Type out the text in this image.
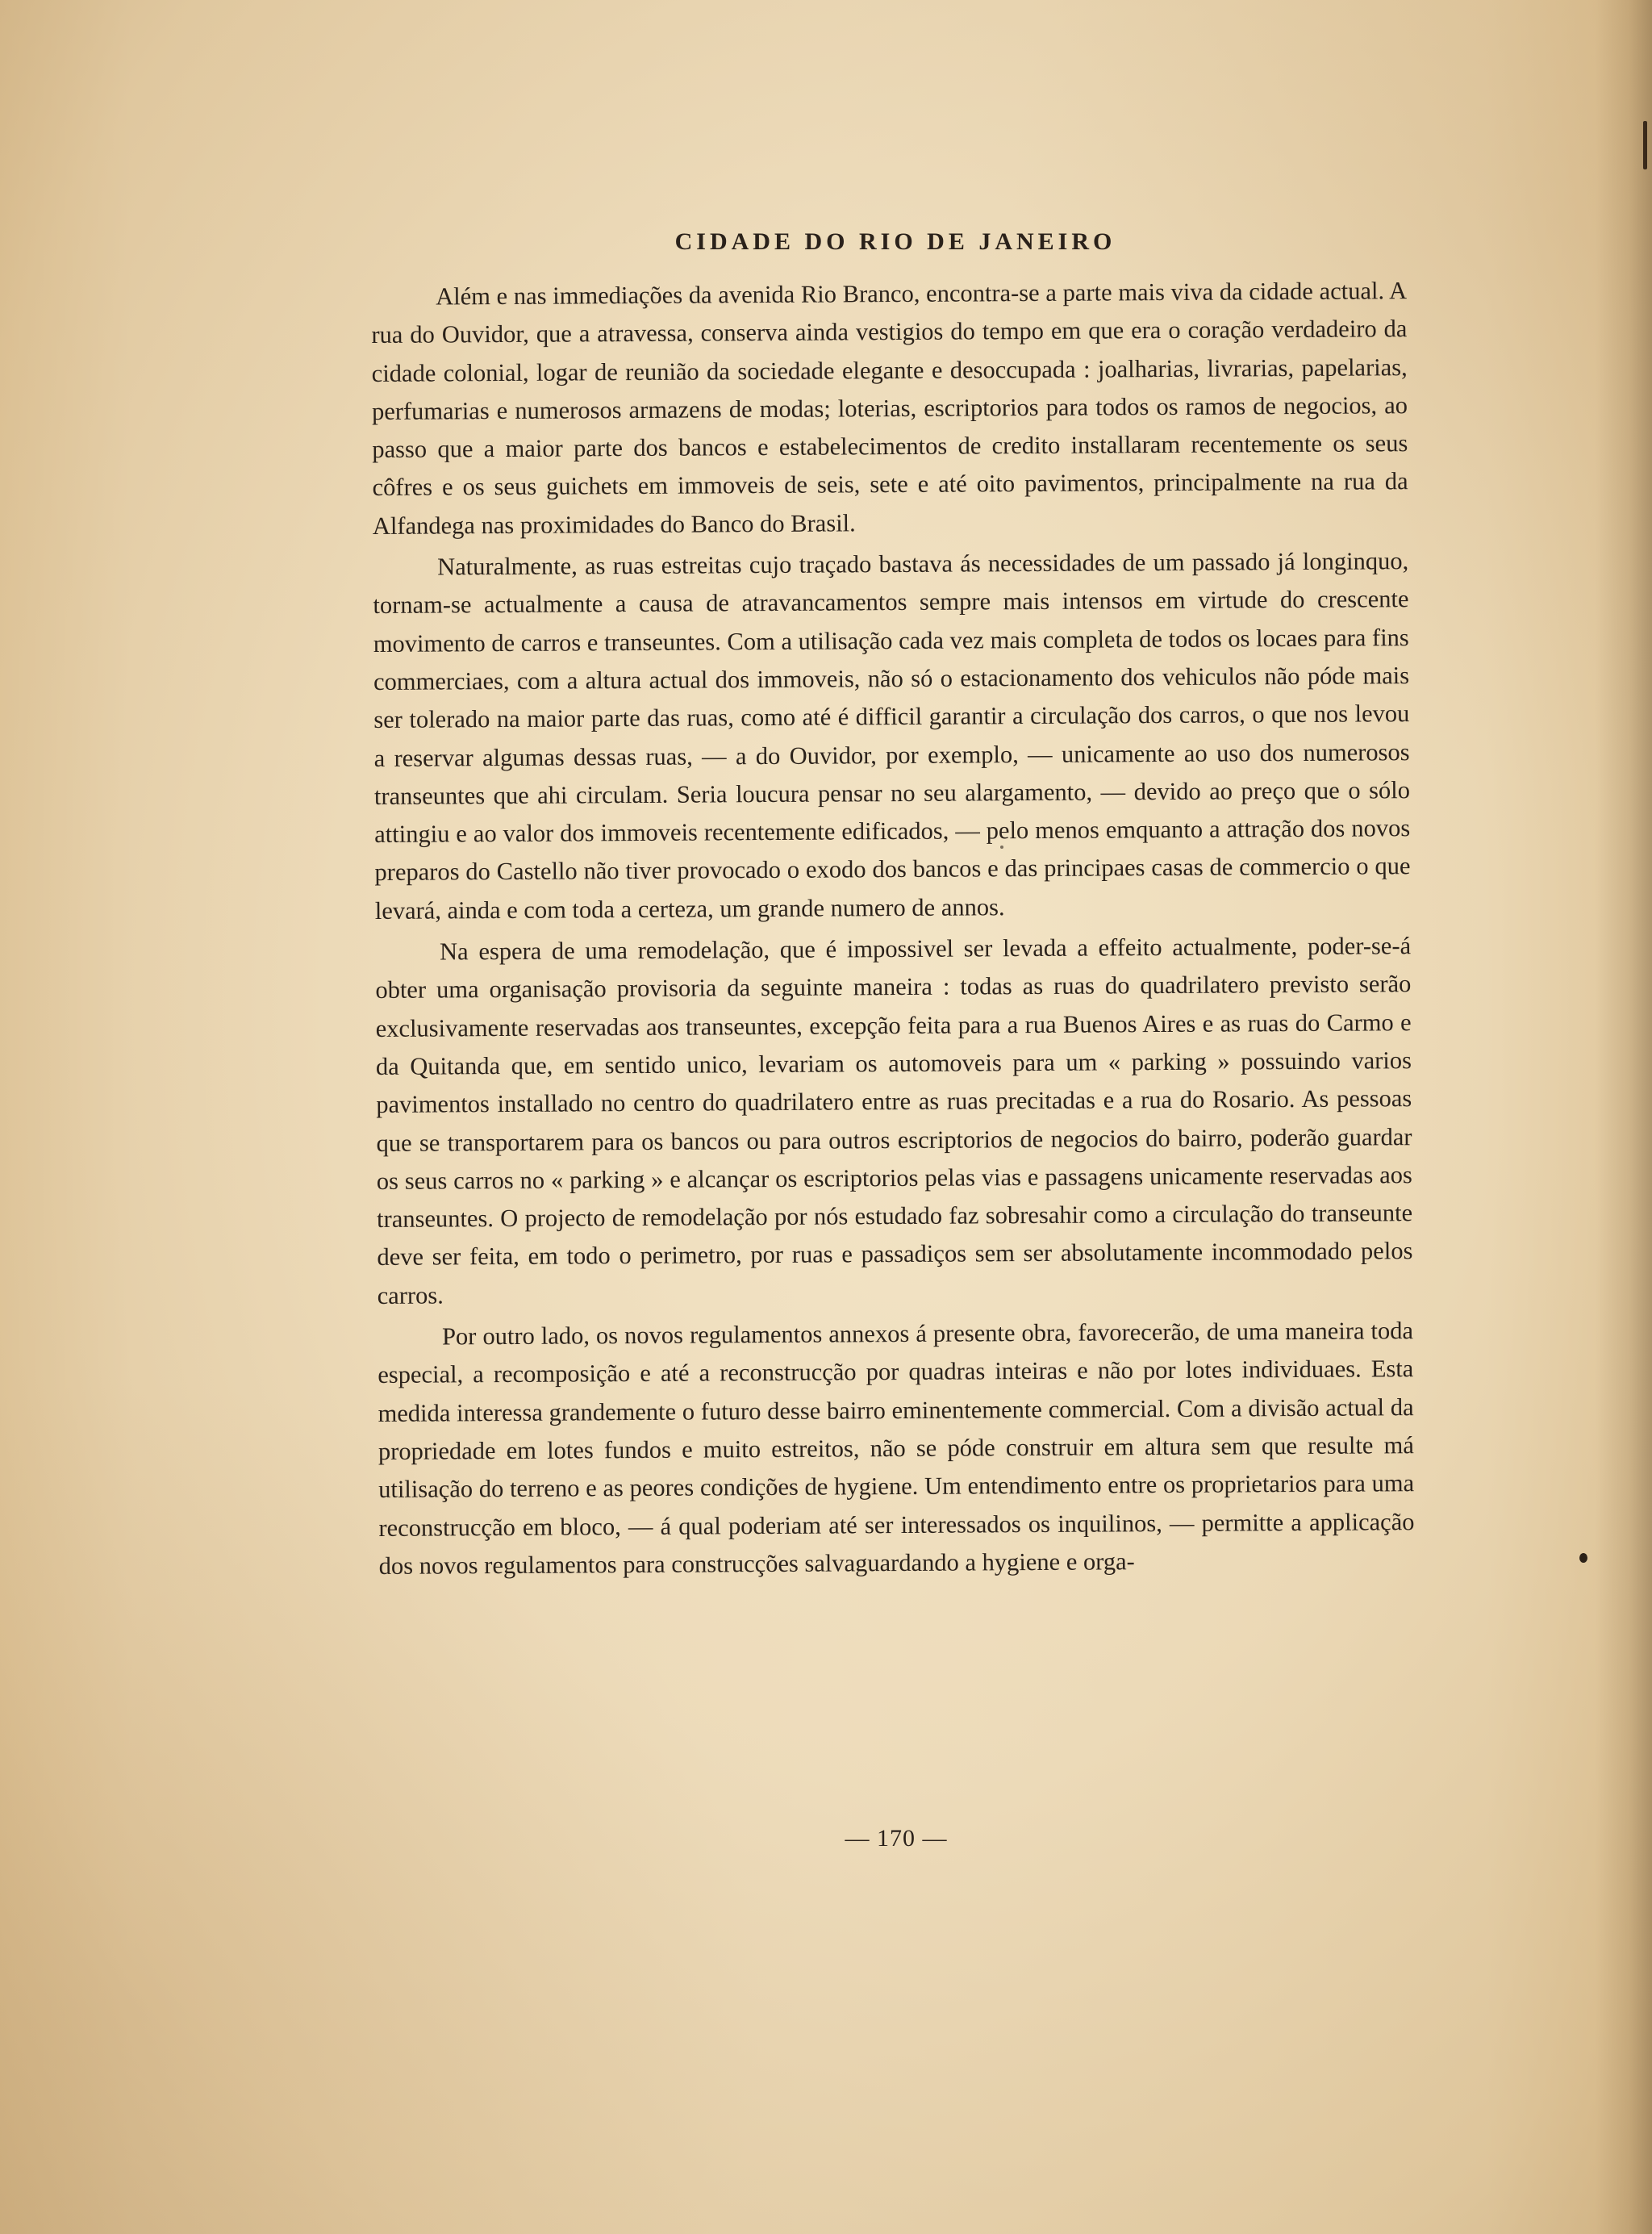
CIDADE DO RIO DE JANEIRO

Além e nas immediações da avenida Rio Branco, encontra-se a parte mais viva da cidade actual. A rua do Ouvidor, que a atravessa, conserva ainda vestigios do tempo em que era o coração verdadeiro da cidade colonial, logar de reunião da sociedade elegante e desoccupada : joalharias, livrarias, papelarias, perfumarias e numerosos armazens de modas; loterias, escriptorios para todos os ramos de negocios, ao passo que a maior parte dos bancos e estabelecimentos de credito installaram recentemente os seus côfres e os seus guichets em immoveis de seis, sete e até oito pavimentos, principalmente na rua da Alfandega nas proximidades do Banco do Brasil.

Naturalmente, as ruas estreitas cujo traçado bastava ás necessidades de um passado já longinquo, tornam-se actualmente a causa de atravancamentos sempre mais intensos em virtude do crescente movimento de carros e transeuntes. Com a utilisação cada vez mais completa de todos os locaes para fins commerciaes, com a altura actual dos immoveis, não só o estacionamento dos vehiculos não póde mais ser tolerado na maior parte das ruas, como até é difficil garantir a circulação dos carros, o que nos levou a reservar algumas dessas ruas, — a do Ouvidor, por exemplo, — unicamente ao uso dos numerosos transeuntes que ahi circulam. Seria loucura pensar no seu alargamento, — devido ao preço que o sólo attingiu e ao valor dos immoveis recentemente edificados, — pelo menos emquanto a attração dos novos preparos do Castello não tiver provocado o exodo dos bancos e das principaes casas de commercio o que levará, ainda e com toda a certeza, um grande numero de annos.

Na espera de uma remodelação, que é impossivel ser levada a effeito actualmente, poder-se-á obter uma organisação provisoria da seguinte maneira : todas as ruas do quadrilatero previsto serão exclusivamente reservadas aos transeuntes, excepção feita para a rua Buenos Aires e as ruas do Carmo e da Quitanda que, em sentido unico, levariam os automoveis para um « parking » possuindo varios pavimentos installado no centro do quadrilatero entre as ruas precitadas e a rua do Rosario. As pessoas que se transportarem para os bancos ou para outros escriptorios de negocios do bairro, poderão guardar os seus carros no « parking » e alcançar os escriptorios pelas vias e passagens unicamente reservadas aos transeuntes. O projecto de remodelação por nós estudado faz sobresahir como a circulação do transeunte deve ser feita, em todo o perimetro, por ruas e passadiços sem ser absolutamente incommodado pelos carros.

Por outro lado, os novos regulamentos annexos á presente obra, favorecerão, de uma maneira toda especial, a recomposição e até a reconstrucção por quadras inteiras e não por lotes individuaes. Esta medida interessa grandemente o futuro desse bairro eminentemente commercial. Com a divisão actual da propriedade em lotes fundos e muito estreitos, não se póde construir em altura sem que resulte má utilisação do terreno e as peores condições de hygiene. Um entendimento entre os proprietarios para uma reconstrucção em bloco, — á qual poderiam até ser interessados os inquilinos, — permitte a applicação dos novos regulamentos para construcções salvaguardando a hygiene e orga-

— 170 —
